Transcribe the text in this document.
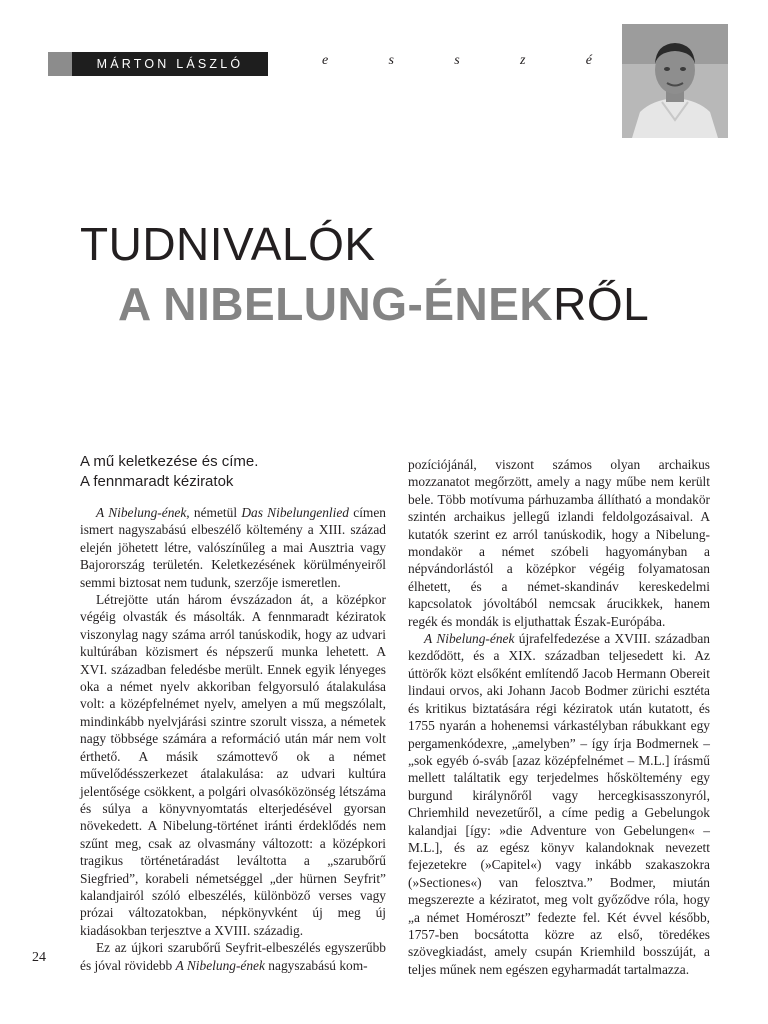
MÁRTON LÁSZLÓ	e	s	s	z	é
TUDNIVALÓK
A NIBELUNG-ÉNEKRŐL
A mű keletkezése és címe.
A fennmaradt kéziratok

A Nibelung-ének, németül Das Nibelungenlied címen ismert nagyszabású elbeszélő költemény a XIII. század elején jöhetett létre, valószínűleg a mai Ausztria vagy Bajorország területén. Keletkezésének körülményeiről semmi biztosat nem tudunk, szerzője ismeretlen.

Létrejötte után három évszázadon át, a középkor végéig olvasták és másolták. A fennmaradt kéziratok viszonylag nagy száma arról tanúskodik, hogy az udvari kultúrában közismert és népszerű munka lehetett. A XVI. században feledésbe merült. Ennek egyik lényeges oka a német nyelv akkoriban felgyorsuló átalakulása volt: a középfelnémet nyelv, amelyen a mű megszólalt, mindinkább nyelvjárási szintre szorult vissza, a németek nagy többsége számára a reformáció után már nem volt érthető. A másik számottevő ok a német művelődésszerkezet átalakulása: az udvari kultúra jelentősége csökkent, a polgári olvasóközönség létszáma és súlya a könyvnyomtatás elterjedésével gyorsan növekedett. A Nibelung-történet iránti érdeklődés nem szűnt meg, csak az olvasmány változott: a középkori tragikus történetáradást leváltotta a „szarubőrű Siegfried”, korabeli németséggel „der hürnen Seyfrit” kalandjairól szóló elbeszélés, különböző verses vagy prózai változatokban, népkönyvként új meg új kiadásokban terjesztve a XVIII. századig.

Ez az újkori szarubőrű Seyfrit-elbeszélés egyszerűbb és jóval rövidebb A Nibelung-ének nagyszabású kom-

pozíciójánál, viszont számos olyan archaikus mozzanatot megőrzött, amely a nagy műbe nem került bele. Több motívuma párhuzamba állítható a mondakör szintén archaikus jellegű izlandi feldolgozásaival. A kutatók szerint ez arról tanúskodik, hogy a Nibelung-mondakör a német szóbeli hagyományban a népvándorlástól a középkor végéig folyamatosan élhetett, és a német-skandináv kereskedelmi kapcsolatok jóvoltából nemcsak árucikkek, hanem regék és mondák is eljuthattak Észak-Európába.

A Nibelung-ének újrafelfedezése a XVIII. században kezdődött, és a XIX. században teljesedett ki. Az úttörők közt elsőként említendő Jacob Hermann Obereit lindaui orvos, aki Johann Jacob Bodmer zürichi esztéta és kritikus biztatására régi kéziratok után kutatott, és 1755 nyarán a hohenemsi várkastélyban rábukkant egy pergamenkódexre, „amelyben” – így írja Bodmernek – „sok egyéb ó-sváb [azaz középfelnémet – M.L.] írásmű mellett találtatik egy terjedelmes hősköltemény egy burgund királynőről vagy hercegkisasszonyról, Chriemhild nevezetűről, a címe pedig a Gebelungok kalandjai [így: »die Adventure von Gebelungen« – M.L.], és az egész könyv kalandoknak nevezett fejezetekre (»Capitel«) vagy inkább szakaszokra (»Sectiones«) van felosztva.” Bodmer, miután megszerezte a kéziratot, meg volt győződve róla, hogy „a német Homéroszt” fedezte fel. Két évvel később, 1757-ben bocsátotta közre az első, töredékes szövegkiadást, amely csupán Kriemhild bosszúját, a teljes műnek nem egészen egyharmadát tartalmazza.

24
